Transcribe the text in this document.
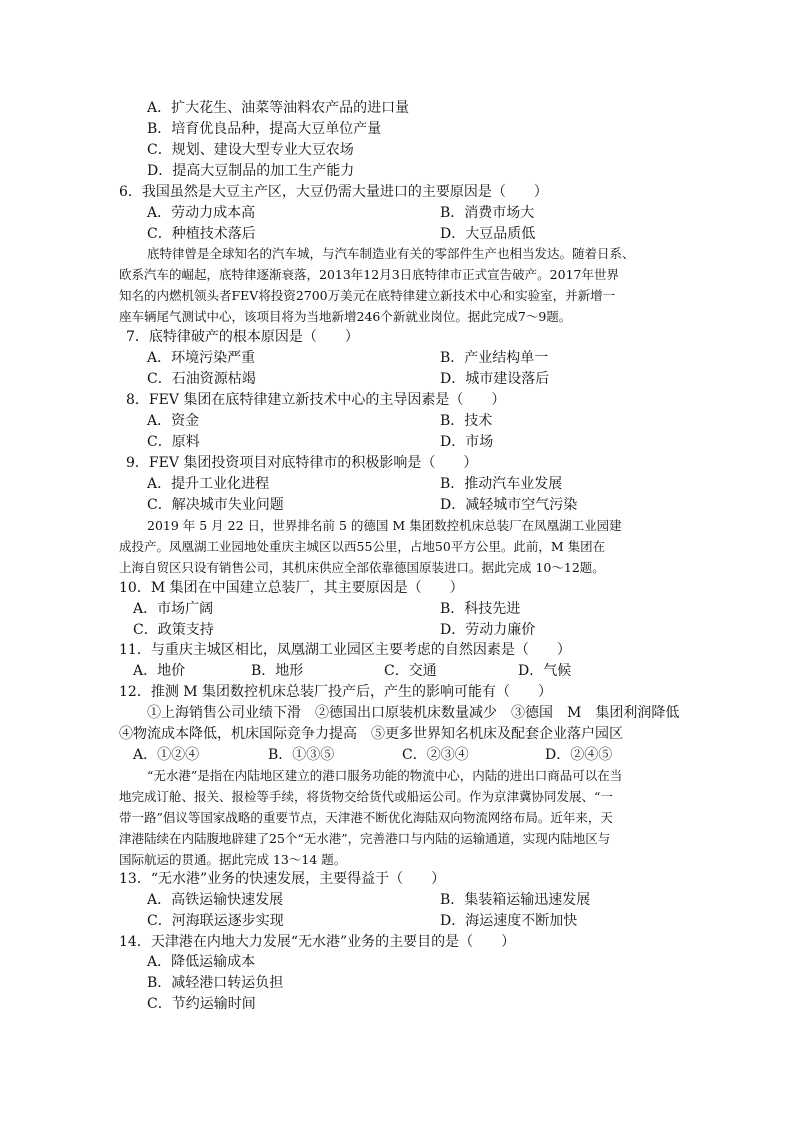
A．扩大花生、油菜等油料农产品的进口量
B．培育优良品种，提高大豆单位产量
C．规划、建设大型专业大豆农场
D．提高大豆制品的加工生产能力
6．我国虽然是大豆主产区，大豆仍需大量进口的主要原因是（　　）
A．劳动力成本高	B．消费市场大
C．种植技术落后	D．大豆品质低
底特律曾是全球知名的汽车城，与汽车制造业有关的零部件生产也相当发达。随着日系、
欧系汽车的崛起，底特律逐渐衰落，2013年12月3日底特律市正式宣告破产。2017年世界
知名的内燃机领头者FEV将投资2700万美元在底特律建立新技术中心和实验室，并新增一
座车辆尾气测试中心，该项目将为当地新增246个新就业岗位。据此完成7～9题。
7．底特律破产的根本原因是（　　）
A．环境污染严重	B．产业结构单一
C．石油资源枯竭	D．城市建设落后
8．FEV 集团在底特律建立新技术中心的主导因素是（　　）
A．资金	B．技术
C．原料	D．市场
9．FEV 集团投资项目对底特律市的积极影响是（　　）
A．提升工业化进程	B．推动汽车业发展
C．解决城市失业问题	D．减轻城市空气污染
2019 年 5 月 22 日，世界排名前 5 的德国 M 集团数控机床总装厂在凤凰湖工业园建
成投产。凤凰湖工业园地处重庆主城区以西55公里，占地50平方公里。此前，M 集团在
上海自贸区只设有销售公司，其机床供应全部依靠德国原装进口。据此完成 10～12题。
10．M 集团在中国建立总装厂，其主要原因是（　　）
A．市场广阔	B．科技先进
C．政策支持	D．劳动力廉价
11．与重庆主城区相比，凤凰湖工业园区主要考虑的自然因素是（　　）
A．地价	B．地形	C．交通	D．气候
12．推测 M 集团数控机床总装厂投产后，产生的影响可能有（　　）
①上海销售公司业绩下滑　②德国出口原装机床数量减少　③德国　M　集团利润降低
④物流成本降低，机床国际竞争力提高　⑤更多世界知名机床及配套企业落户园区
A．①②④	B．①③⑤	C．②③④	D．②④⑤
“无水港”是指在内陆地区建立的港口服务功能的物流中心，内陆的进出口商品可以在当
地完成订舱、报关、报检等手续，将货物交给货代或船运公司。作为京津冀协同发展、“一
带一路”倡议等国家战略的重要节点，天津港不断优化海陆双向物流网络布局。近年来，天
津港陆续在内陆腹地辟建了25个“无水港”，完善港口与内陆的运输通道，实现内陆地区与
国际航运的贯通。据此完成 13～14 题。
13．“无水港”业务的快速发展，主要得益于（　　）
A．高铁运输快速发展	B．集装箱运输迅速发展
C．河海联运逐步实现	D．海运速度不断加快
14．天津港在内地大力发展“无水港”业务的主要目的是（　　）
A．降低运输成本
B．减轻港口转运负担
C．节约运输时间
